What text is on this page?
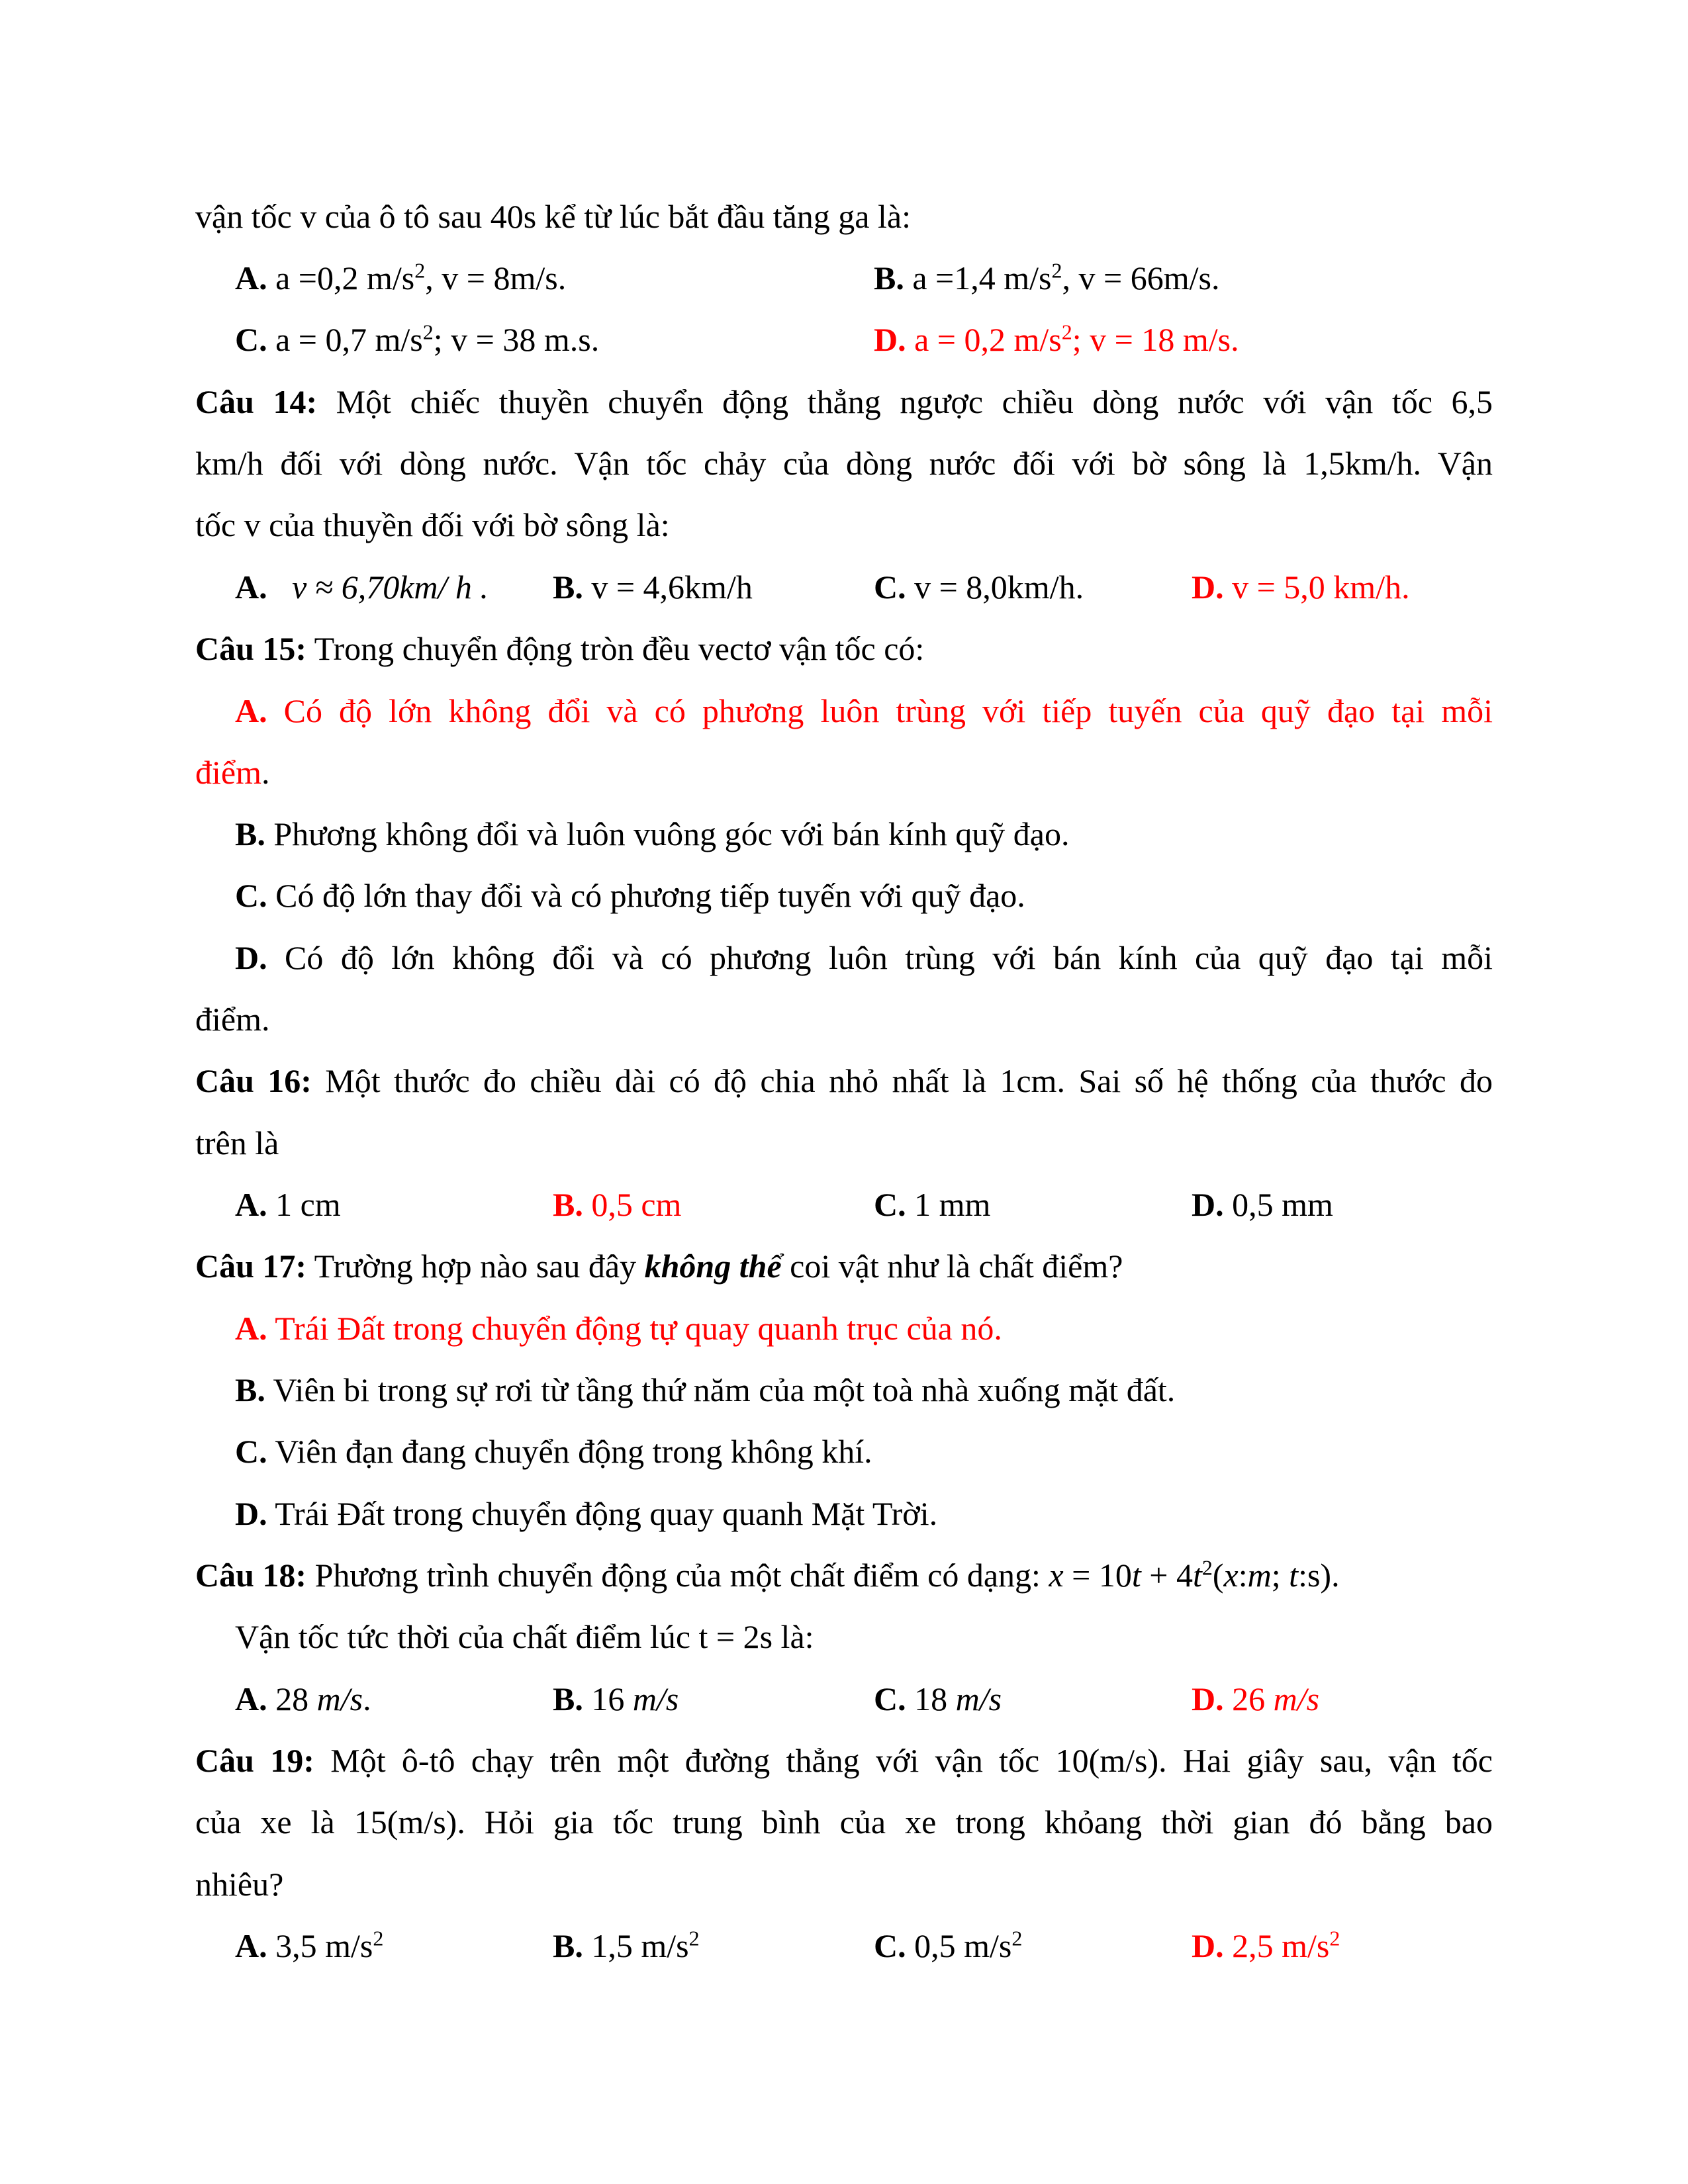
vận tốc v của ô tô sau 40s kể từ lúc bắt đầu tăng ga là:
A. a =0,2 $m/s^2$, v = 8m/s.	B. a =1,4 $m/s^2$, v = 66m/s.
C. a = 0,7 $m/s^2$; v = 38 m.s.	D. a = 0,2 $m/s^2$; v = 18 m/s.
Câu 14: Một chiếc thuyền chuyển động thẳng ngược chiều dòng nước với vận tốc 6,5
km/h đối với dòng nước. Vận tốc chảy của dòng nước đối với bờ sông là 1,5km/h. Vận
tốc v của thuyền đối với bờ sông là:
A. v ≈ 6,70km/ h . B. v = 4,6km/h	C. v = 8,0km/h.	D. v = 5,0 km/h.
Câu 15: Trong chuyển động tròn đều vectơ vận tốc có:
A. Có độ lớn không đổi và có phương luôn trùng với tiếp tuyến của quỹ đạo tại mỗi
điểm.
B. Phương không đổi và luôn vuông góc với bán kính quỹ đạo.
C. Có độ lớn thay đổi và có phương tiếp tuyến với quỹ đạo.
D. Có độ lớn không đổi và có phương luôn trùng với bán kính của quỹ đạo tại mỗi
điểm.
Câu 16: Một thước đo chiều dài có độ chia nhỏ nhất là 1cm. Sai số hệ thống của thước đo
trên là
A. 1 cm	B. 0,5 cm	C. 1 mm	D. 0,5 mm
Câu 17: Trường hợp nào sau đây không thể coi vật như là chất điểm?
A. Trái Đất trong chuyển động tự quay quanh trục của nó.
B. Viên bi trong sự rơi từ tầng thứ năm của một toà nhà xuống mặt đất.
C. Viên đạn đang chuyển động trong không khí.
D. Trái Đất trong chuyển động quay quanh Mặt Trời.
Câu 18: Phương trình chuyển động của một chất điểm có dạng: $x = 10t + 4t^2(x:m$; t:s).
Vận tốc tức thời của chất điểm lúc t = 2s là:
A. 28 m/s.	B. 16 m/s	C. 18 m/s	D. 26 m/s
Câu 19: Một ô-tô chạy trên một đường thẳng với vận tốc 10(m/s). Hai giây sau, vận tốc
của xe là 15(m/s). Hỏi gia tốc trung bình của xe trong khỏang thời gian đó bằng bao
nhiêu?
A. 3,5 $m/s^2$	B. 1,5 $m/s^2$	C. 0,5 $m/s^2$	D. 2,5 $m/s^2$
